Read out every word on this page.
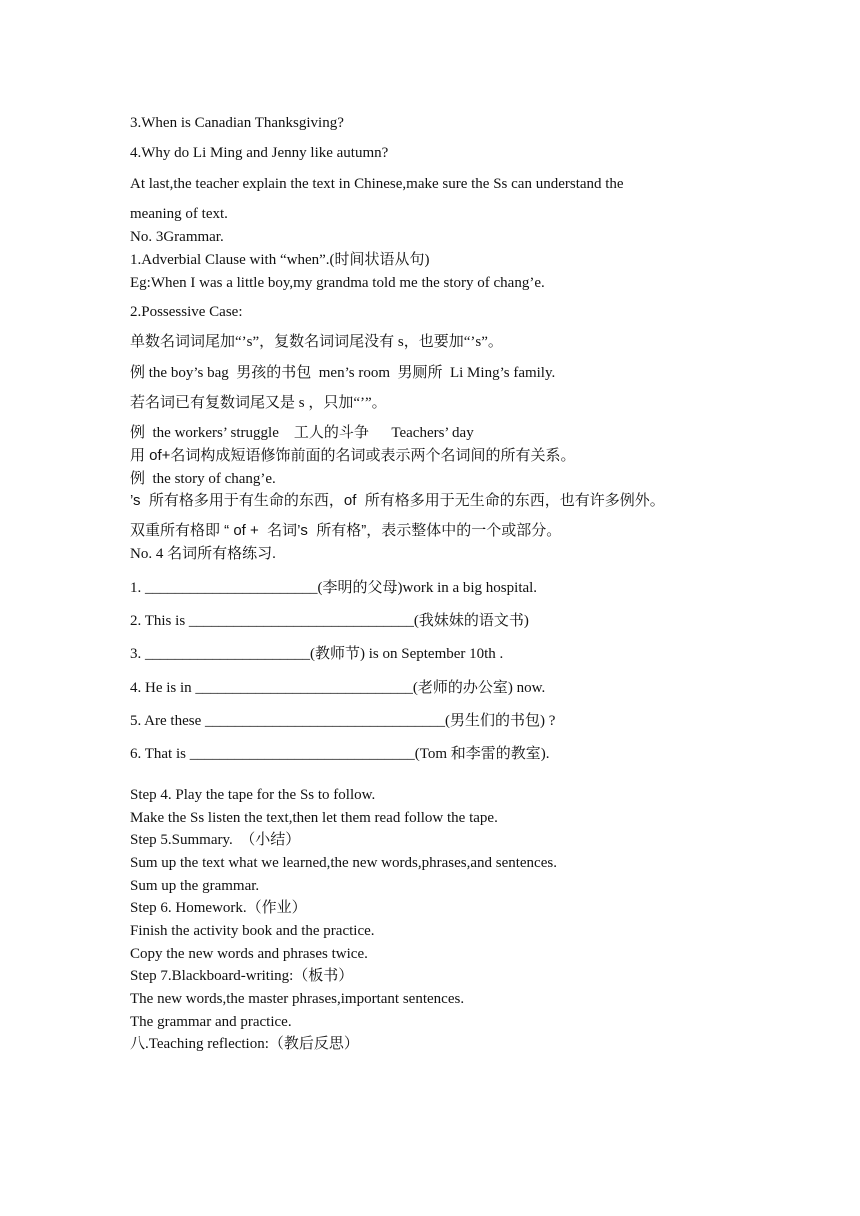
3.When is Canadian Thanksgiving?
4.Why do Li Ming and Jenny like autumn?
At last,the teacher explain the text in Chinese,make sure the Ss can understand the
meaning of text.
No. 3Grammar.
1.Adverbial Clause with “when”.(时间状语从句)
Eg:When I was a little boy,my grandma told me the story of chang’e.
2.Possessive Case:
单数名词词尾加“’s”，复数名词词尾没有 s，也要加“’s”。
例 the boy’s bag  男孩的书包  men’s room  男厕所  Li Ming’s family.
若名词已有复数词尾又是 s ，只加“’”。
例  the workers’ struggle    工人的斗争      Teachers’ day
用 of+名词构成短语修饰前面的名词或表示两个名词间的所有关系。
例  the story of chang’e.
’s  所有格多用于有生命的东西，of  所有格多用于无生命的东西，也有许多例外。
双重所有格即 “ of +  名词’s  所有格”，表示整体中的一个或部分。
No. 4 名词所有格练习.
1. _______________________(李明的父母)work in a big hospital.
2. This is ______________________________(我妹妹的语文书)
3. ______________________(教师节) is on September 10th .
4. He is in _____________________________(老师的办公室) now.
5. Are these ________________________________(男生们的书包) ?
6. That is ______________________________(Tom 和李雷的教室).
Step 4. Play the tape for the Ss to follow.
Make the Ss listen the text,then let them read follow the tape.
Step 5.Summary.  （小结）
Sum up the text what we learned,the new words,phrases,and sentences.
Sum up the grammar.
Step 6. Homework.（作业）
Finish the activity book and the practice.
Copy the new words and phrases twice.
Step 7.Blackboard-writing:（板书）
The new words,the master phrases,important sentences.
The grammar and practice.
八.Teaching reflection:（教后反思）
